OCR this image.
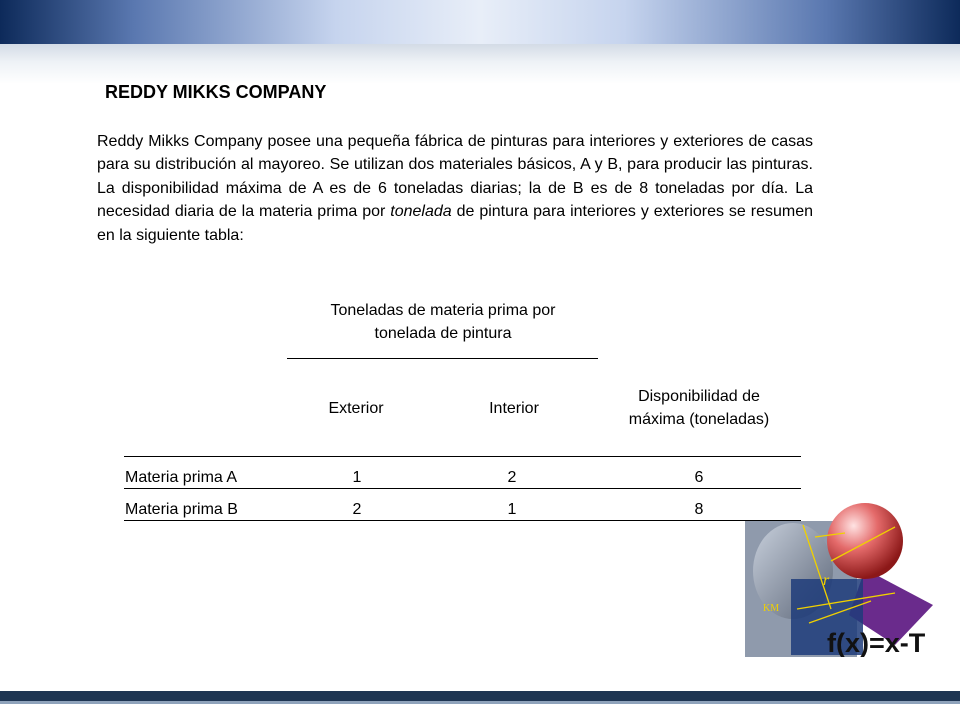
REDDY MIKKS COMPANY

Reddy Mikks Company posee una pequeña fábrica de pinturas para interiores y exteriores de casas para su distribución al mayoreo. Se utilizan dos materiales básicos, A y B, para producir las pinturas. La disponibilidad máxima de A es de 6 toneladas diarias; la de B es de 8 toneladas por día. La necesidad diaria de la materia prima por tonelada de pintura para interiores y exteriores se resumen en la siguiente tabla:

Toneladas de materia prima por
tonelada de pintura
Exterior	Interior
Disponibilidad de
máxima (toneladas)
Materia prima A	1	2	6
Materia prima B	2	1	8
r
KM
f(x)=x-T
